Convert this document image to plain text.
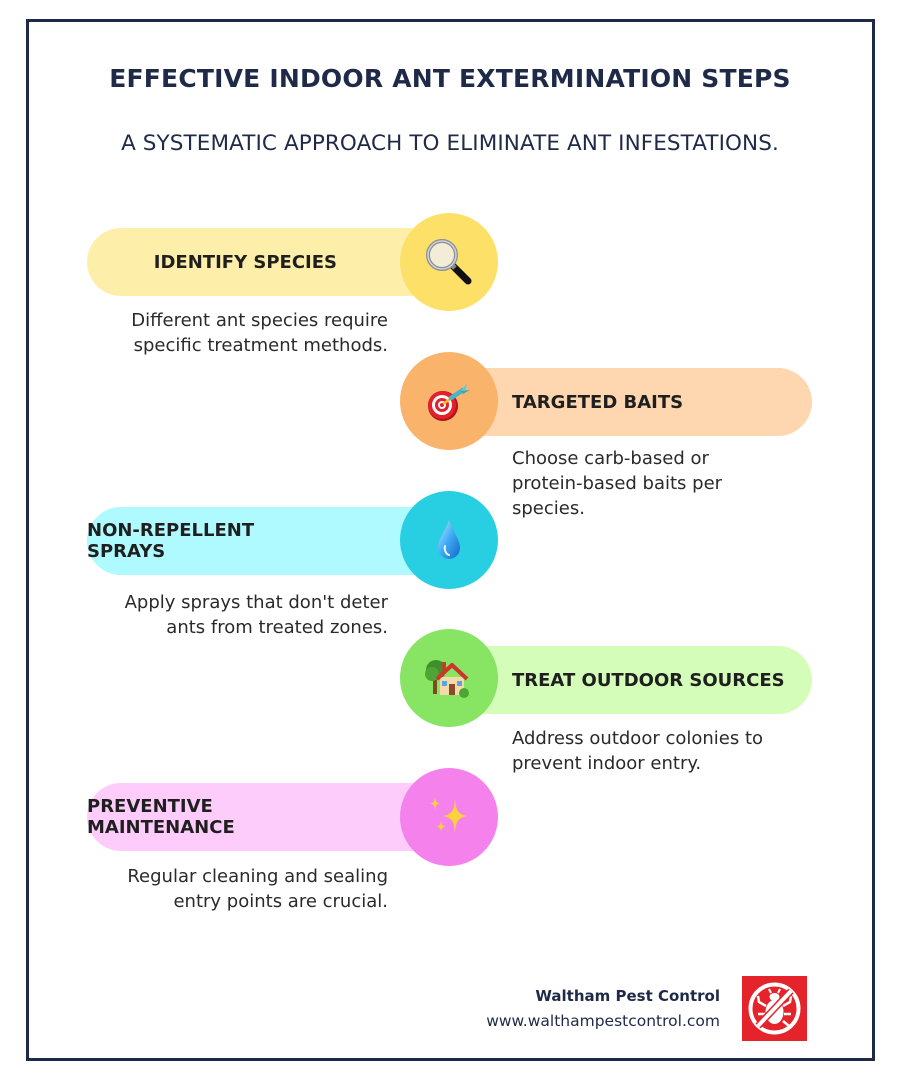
EFFECTIVE INDOOR ANT EXTERMINATION STEPS
A SYSTEMATIC APPROACH TO ELIMINATE ANT INFESTATIONS.
IDENTIFY SPECIES
Different ant species require
specific treatment methods.
TARGETED BAITS
Choose carb-based or
protein-based baits per
species.
NON-REPELLENT SPRAYS
Apply sprays that don't deter
ants from treated zones.
TREAT OUTDOOR SOURCES
Address outdoor colonies to
prevent indoor entry.
PREVENTIVE MAINTENANCE
Regular cleaning and sealing
entry points are crucial.
Waltham Pest Control
www.walthampestcontrol.com
